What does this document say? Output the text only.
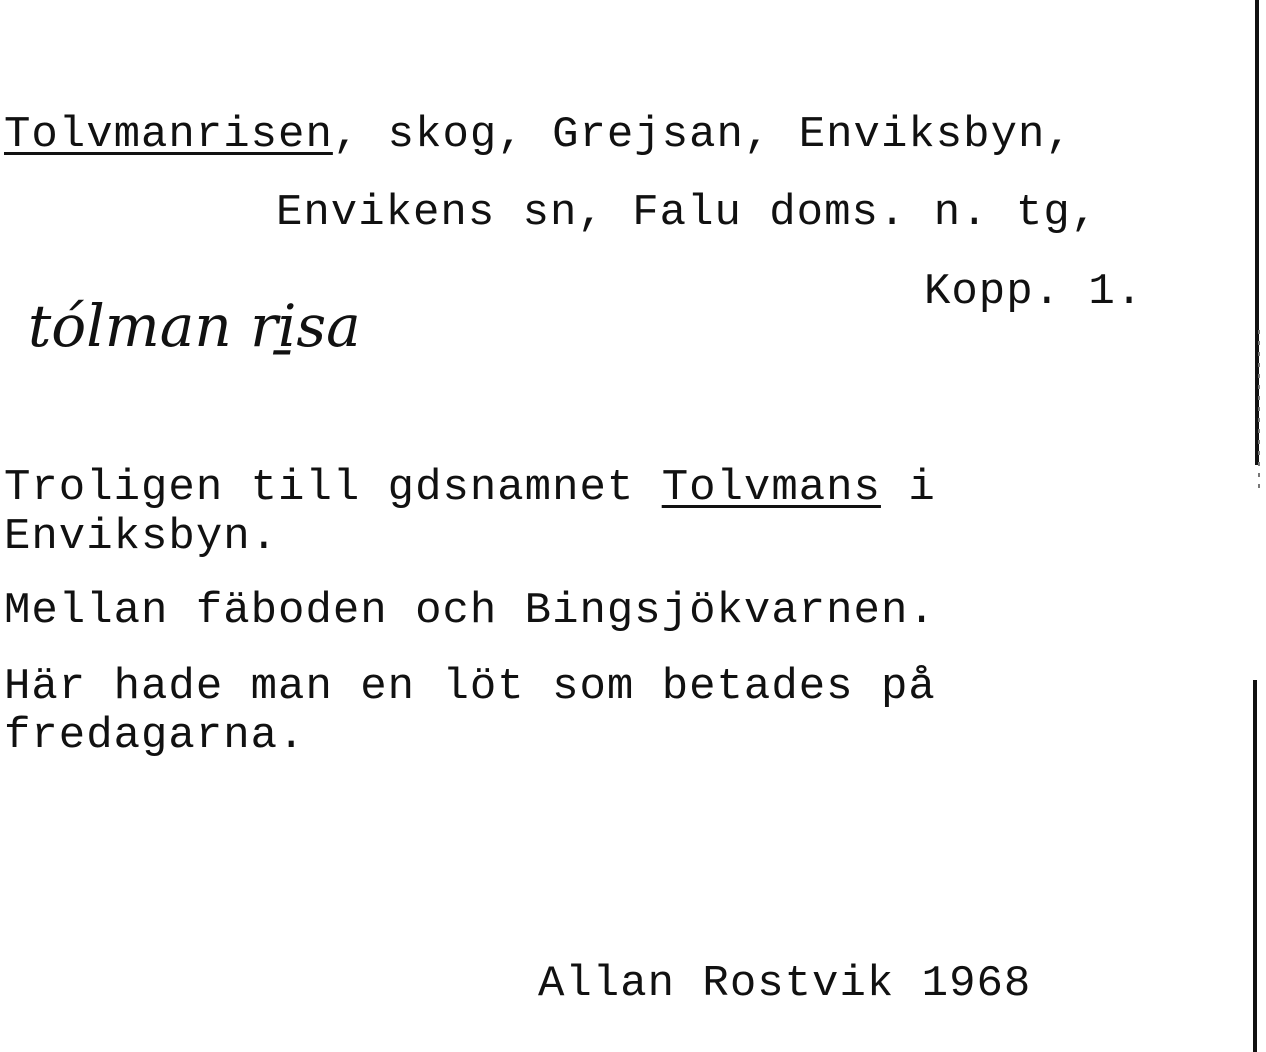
Tolvmanrisen, skog, Grejsan, Enviksbyn,
Envikens sn, Falu doms. n. tg,
Kopp. 1.
tólman ri̱sa
Troligen till gdsnamnet Tolvmans i
Enviksbyn.
Mellan fäboden och Bingsjökvarnen.
Här hade man en löt som betades på
fredagarna.
Allan Rostvik 1968
